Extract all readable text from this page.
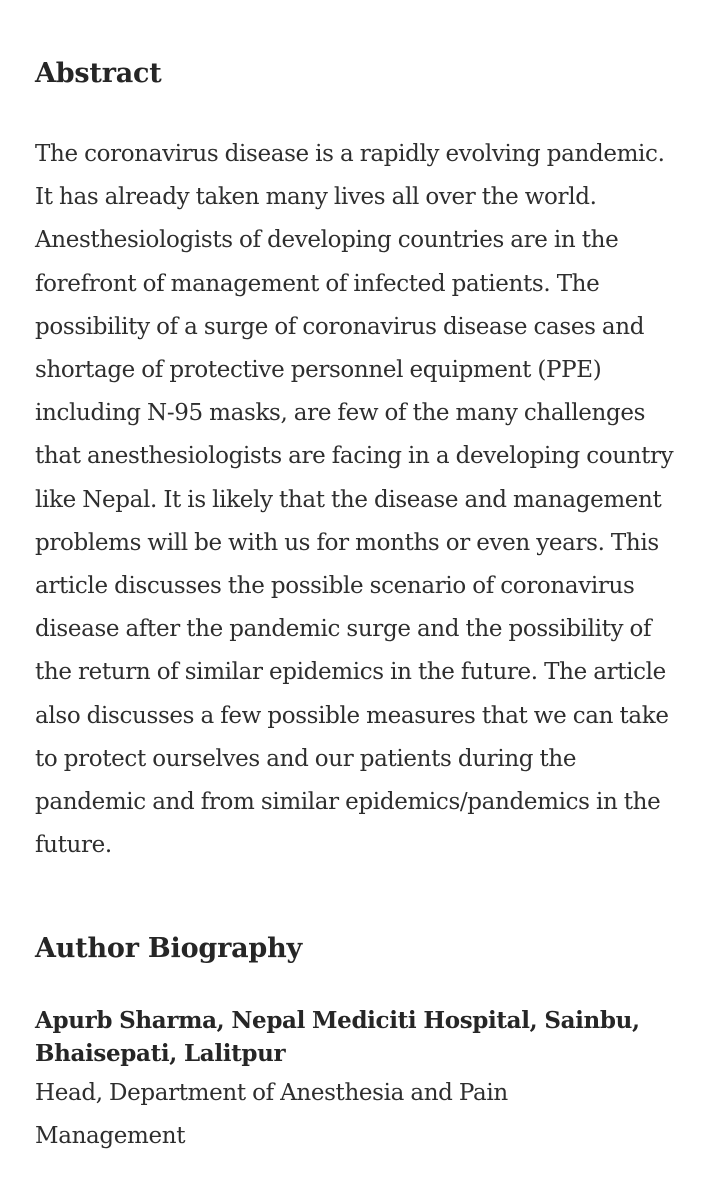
Abstract

The coronavirus disease is a rapidly evolving pandemic. It has already taken many lives all over the world. Anesthesiologists of developing countries are in the forefront of management of infected patients. The possibility of a surge of coronavirus disease cases and shortage of protective personnel equipment (PPE) including N-95 masks, are few of the many challenges that anesthesiologists are facing in a developing country like Nepal. It is likely that the disease and management problems will be with us for months or even years. This article discusses the possible scenario of coronavirus disease after the pandemic surge and the possibility of the return of similar epidemics in the future. The article also discusses a few possible measures that we can take to protect ourselves and our patients during the pandemic and from similar epidemics/pandemics in the future.

Author Biography

Apurb Sharma, Nepal Mediciti Hospital, Sainbu, Bhaisepati, Lalitpur

Head, Department of Anesthesia and Pain Management
